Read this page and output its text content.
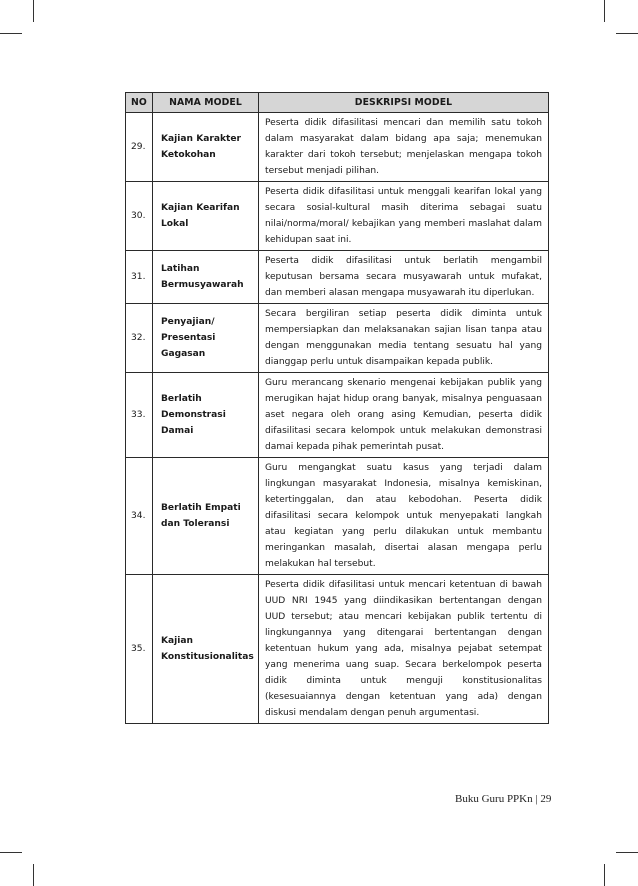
NO	NAMA MODEL	DESKRIPSI MODEL
29.	Kajian Karakter Ketokohan	Peserta didik difasilitasi mencari dan memilih satu tokoh dalam masyarakat dalam bidang apa saja; menemukan karakter dari tokoh tersebut; menjelaskan mengapa tokoh tersebut menjadi pilihan.
30.	Kajian Kearifan Lokal	Peserta didik difasilitasi untuk menggali kearifan lokal yang secara sosial-kultural masih diterima sebagai suatu nilai/norma/moral/ kebajikan yang memberi maslahat dalam kehidupan saat ini.
31.	Latihan Bermusyawarah	Peserta didik difasilitasi untuk berlatih mengambil keputusan bersama secara musyawarah untuk mufakat, dan memberi alasan mengapa musyawarah itu diperlukan.
32.	Penyajian/ Presentasi Gagasan	Secara bergiliran setiap peserta didik diminta untuk mempersiapkan dan melaksanakan sajian lisan tanpa atau dengan menggunakan media tentang sesuatu hal yang dianggap perlu untuk disampaikan kepada publik.
33.	Berlatih Demonstrasi Damai	Guru merancang skenario mengenai kebijakan publik yang merugikan hajat hidup orang banyak, misalnya penguasaan aset negara oleh orang asing Kemudian, peserta didik difasilitasi secara kelompok untuk melakukan demonstrasi damai kepada pihak pemerintah pusat.
34.	Berlatih Empati dan Toleransi	Guru mengangkat suatu kasus yang terjadi dalam lingkungan masyarakat Indonesia, misalnya kemiskinan, ketertinggalan, dan atau kebodohan. Peserta didik difasilitasi secara kelompok untuk menyepakati langkah atau kegiatan yang perlu dilakukan untuk membantu meringankan masalah, disertai alasan mengapa perlu melakukan hal tersebut.
35.	Kajian Konstitusionalitas	Peserta didik difasilitasi untuk mencari ketentuan di bawah UUD NRI 1945 yang diindikasikan bertentangan dengan UUD tersebut; atau mencari kebijakan publik tertentu di lingkungannya yang ditengarai bertentangan dengan ketentuan hukum yang ada, misalnya pejabat setempat yang menerima uang suap. Secara berkelompok peserta didik diminta untuk menguji konstitusionalitas (kesesuaiannya dengan ketentuan yang ada) dengan diskusi mendalam dengan penuh argumentasi.
Buku Guru PPKn | 29
